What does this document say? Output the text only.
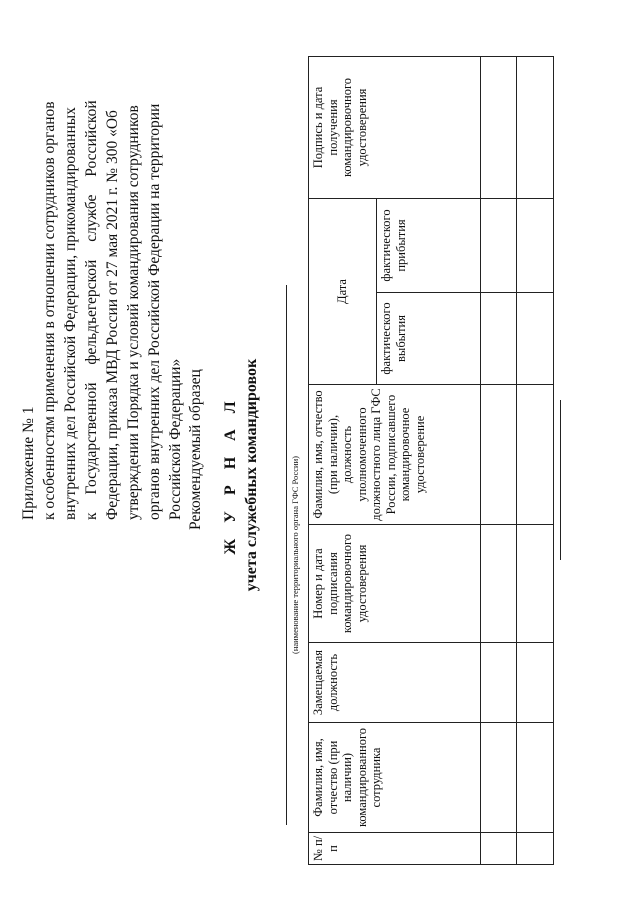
Приложение № 1 к особенностям применения в отношении сотрудников органов внутренних дел Российской Федерации, прикомандированных к Государственной фельдъегерской службе Российской Федерации, приказа МВД России от 27 мая 2021 г. № 300 «Об утверждении Порядка и условий командирования сотрудников органов внутренних дел Российской Федерации на территории Российской Федерации» Рекомендуемый образец Ж У Р Н А Л учета служебных командировок	(наименование территориального органа ГФС России)
№ п/п	Фамилия, имя, отчество (при наличии) командированного сотрудника	Замещаемая должность	Номер и дата подписания командировочного удостоверения	Фамилия, имя, отчество (при наличии), должность уполномоченного должностного лица ГФС России, подписавшего командировочное удостоверение	Дата		Подпись и дата получения командировочного удостоверения
					фактического выбытия	фактического прибытия	
